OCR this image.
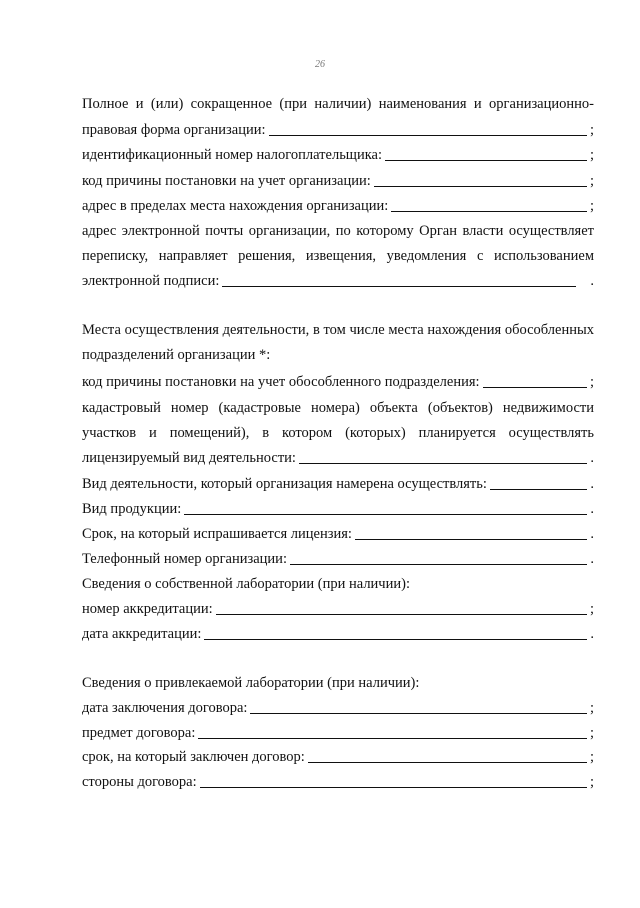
26
Полное и (или) сокращенное (при наличии) наименования и организационно-
правовая форма организации:	;
идентификационный номер налогоплательщика:	;
код причины постановки на учет организации:	;
адрес в пределах места нахождения организации:	;
адрес электронной почты организации, по которому Орган власти осуществляет
переписку, направляет решения, извещения, уведомления с использованием
электронной подписи:	.
Места осуществления деятельности, в том числе места нахождения обособленных
подразделений организации *:
код причины постановки на учет обособленного подразделения:	;
кадастровый номер (кадастровые номера) объекта (объектов) недвижимости
участков и помещений), в котором (которых) планируется осуществлять
лицензируемый вид деятельности:	.
Вид деятельности, который организация намерена осуществлять:	.
Вид продукции:	.
Срок, на который испрашивается лицензия:	.
Телефонный номер организации:	.
Сведения о собственной лаборатории (при наличии):
номер аккредитации:	;
дата аккредитации:	.
Сведения о привлекаемой лаборатории (при наличии):
дата заключения договора:	;
предмет договора:	;
срок, на который заключен договор:	;
стороны договора:	;
